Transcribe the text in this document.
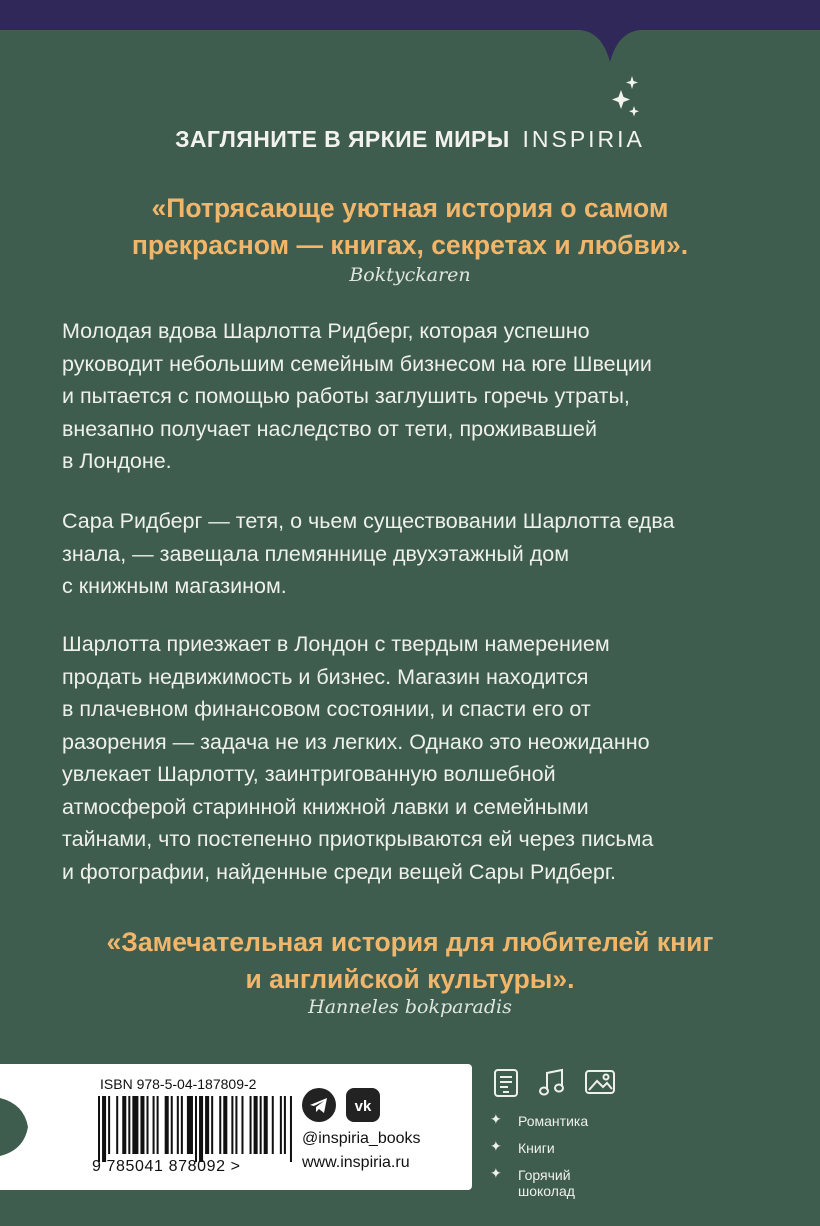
ЗАГЛЯНИТЕ В ЯРКИЕ МИРЫ INSPIRIA
«Потрясающе уютная история о самом
прекрасном — книгах, секретах и любви».
Boktyckaren
Молодая вдова Шарлотта Ридберг, которая успешно
руководит небольшим семейным бизнесом на юге Швеции
и пытается с помощью работы заглушить горечь утраты,
внезапно получает наследство от тети, проживавшей
в Лондоне.
Сара Ридберг — тетя, о чьем существовании Шарлотта едва
знала, — завещала племяннице двухэтажный дом
с книжным магазином.
Шарлотта приезжает в Лондон с твердым намерением
продать недвижимость и бизнес. Магазин находится
в плачевном финансовом состоянии, и спасти его от
разорения — задача не из легких. Однако это неожиданно
увлекает Шарлотту, заинтригованную волшебной
атмосферой старинной книжной лавки и семейными
тайнами, что постепенно приоткрываются ей через письма
и фотографии, найденные среди вещей Сары Ридберг.
«Замечательная история для любителей книг
и английской культуры».
Hanneles bokparadis
ISBN 978-5-04-187809-2
9 785041 878092 >
vk
@inspiria_books
www.inspiria.ru
✦ Романтика
✦ Книги
✦ Горячий шоколад
